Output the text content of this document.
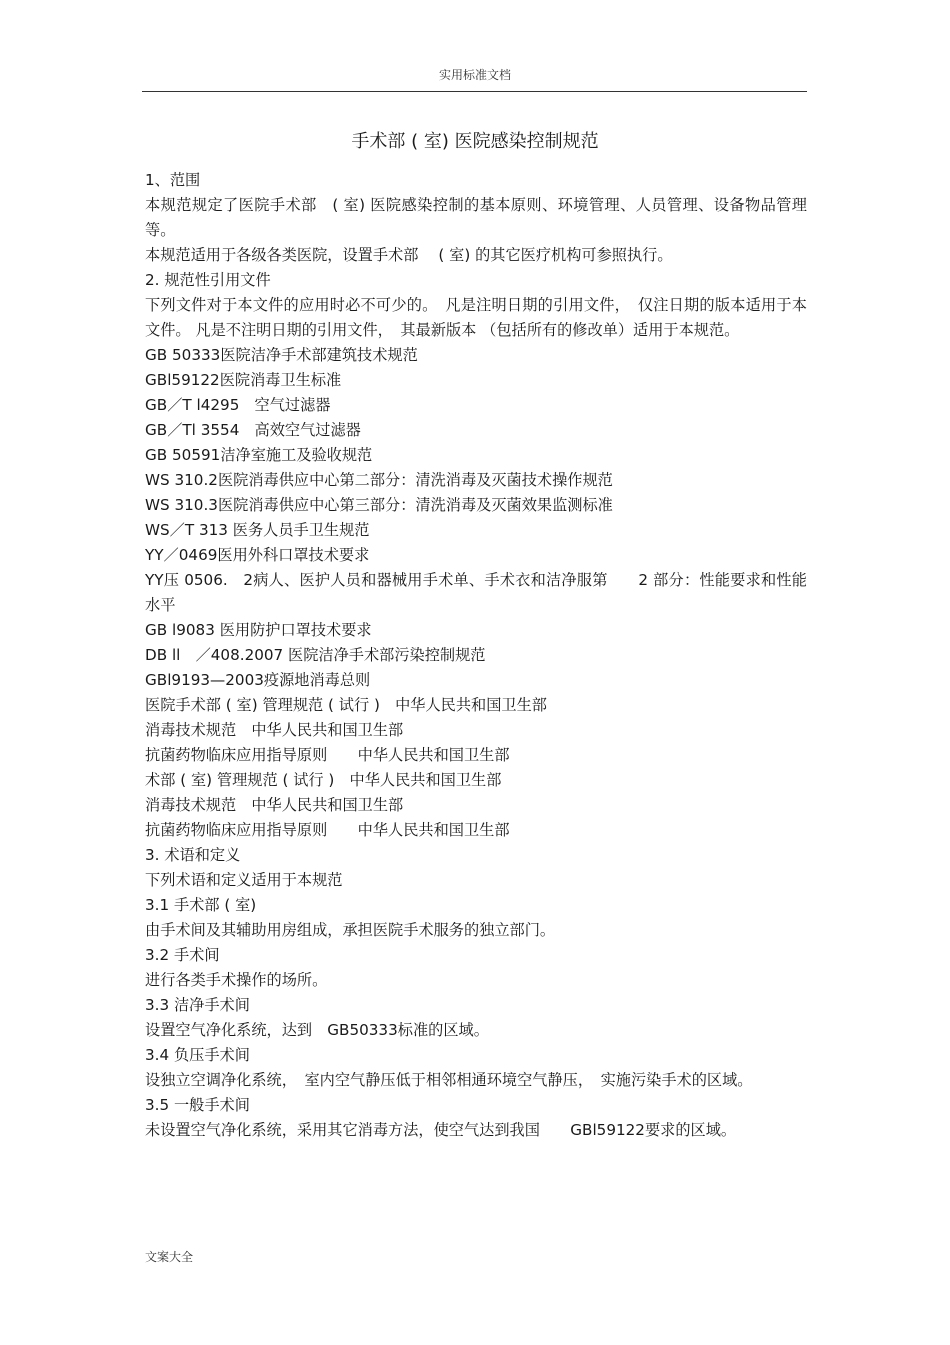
实用标准文档
手术部 ( 室) 医院感染控制规范

1、范围

本规范规定了医院手术部　( 室) 医院感染控制的基本原则、环境管理、人员管理、设备物品管理等。

本规范适用于各级各类医院，设置手术部　 ( 室) 的其它医疗机构可参照执行。

2. 规范性引用文件

下列文件对于本文件的应用时必不可少的。　凡是注明日期的引用文件，　仅注日期的版本适用于本文件。 凡是不注明日期的引用文件，　其最新版本 （包括所有的修改单）适用于本规范。

GB 50333医院洁净手术部建筑技术规范

GBl59122医院消毒卫生标准

GB／T l4295　空气过滤器

GB／Tl 3554　高效空气过滤器

GB 50591洁净室施工及验收规范

WS 310.2医院消毒供应中心第二部分：清洗消毒及灭菌技术操作规范

WS 310.3医院消毒供应中心第三部分：清洗消毒及灭菌效果监测标准

WS／T 313 医务人员手卫生规范

YY／0469医用外科口罩技术要求

YY压 0506.　2病人、医护人员和器械用手术单、手术衣和洁净服第　　2 部分：性能要求和性能水平

GB l9083 医用防护口罩技术要求

DB ll　／408.2007 医院洁净手术部污染控制规范

GBl9193—2003疫源地消毒总则

医院手术部 ( 室) 管理规范 ( 试行 )　中华人民共和国卫生部

消毒技术规范　中华人民共和国卫生部

抗菌药物临床应用指导原则　　中华人民共和国卫生部

术部 ( 室) 管理规范 ( 试行 )　中华人民共和国卫生部

消毒技术规范　中华人民共和国卫生部

抗菌药物临床应用指导原则　　中华人民共和国卫生部

3. 术语和定义

下列术语和定义适用于本规范

3.1 手术部 ( 室)

由手术间及其辅助用房组成，承担医院手术服务的独立部门。

3.2 手术间

进行各类手术操作的场所。

3.3 洁净手术间

设置空气净化系统，达到　GB50333标准的区域。

3.4 负压手术间

设独立空调净化系统，　室内空气静压低于相邻相通环境空气静压，　实施污染手术的区域。

3.5 一般手术间

未设置空气净化系统，采用其它消毒方法，使空气达到我国　　GBl59122要求的区域。

文案大全
